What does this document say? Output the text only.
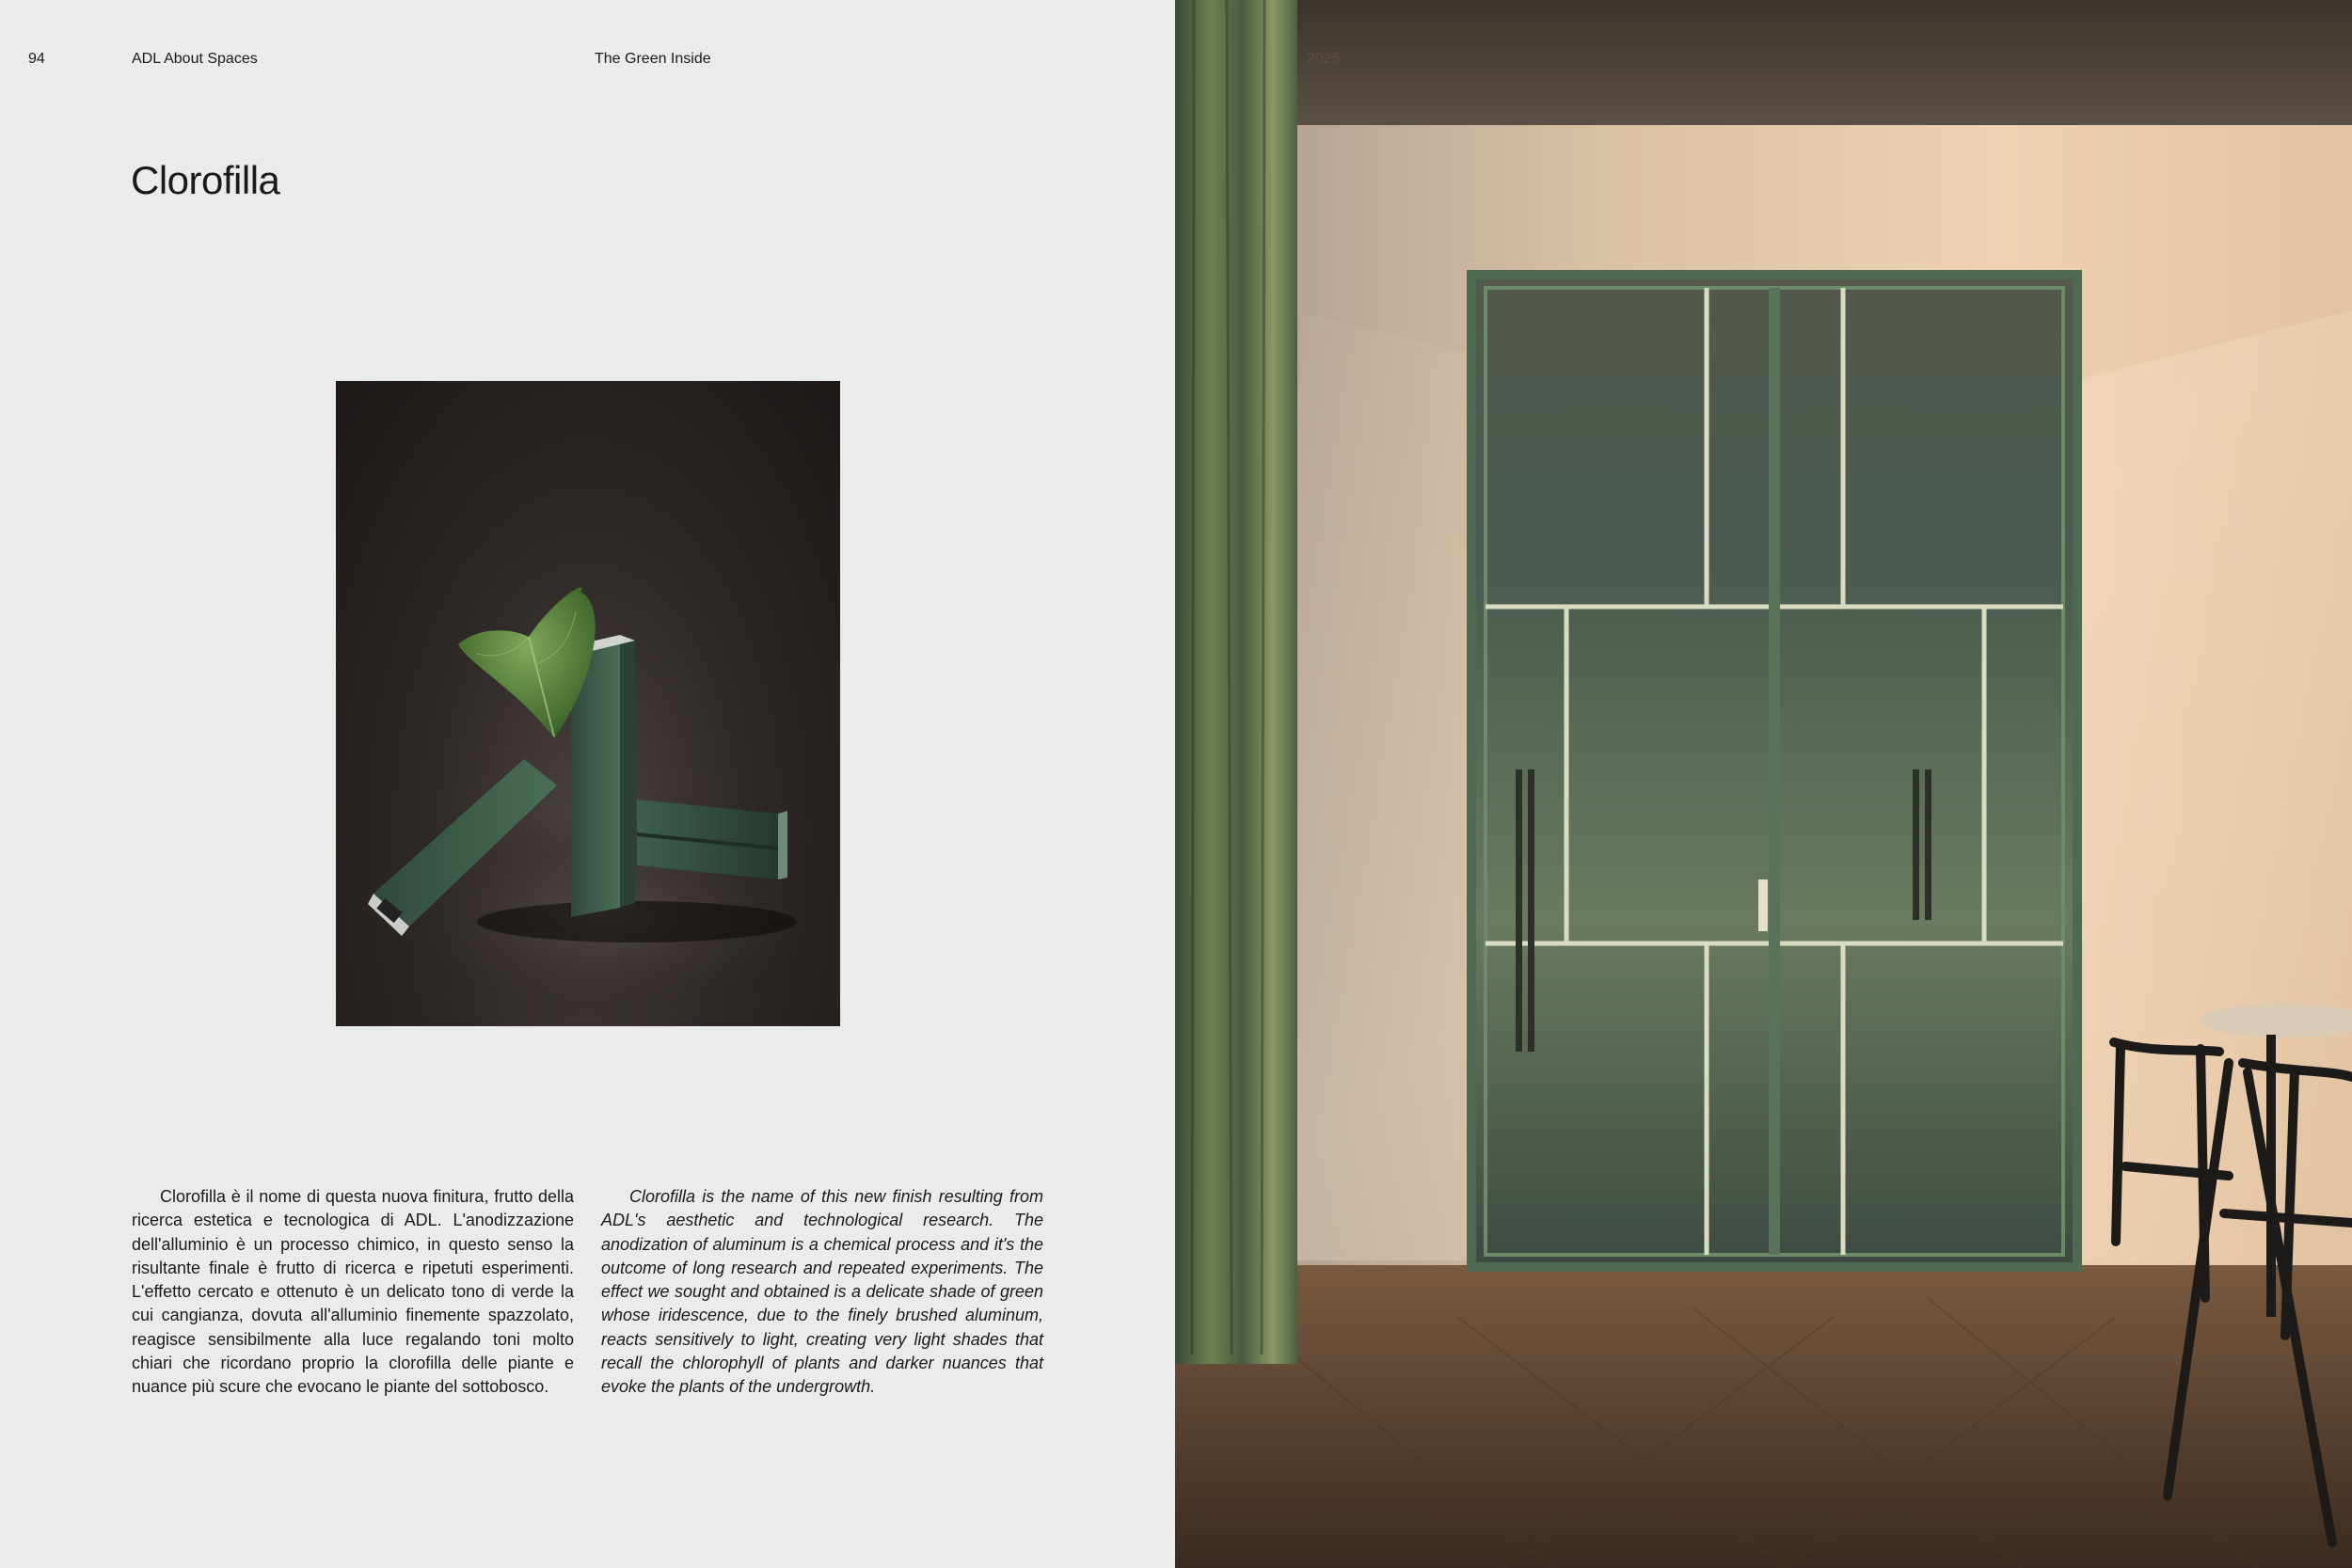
94	ADL About Spaces	The Green Inside
Clorofilla

Clorofilla è il nome di questa nuova finitura, frutto della ricerca estetica e tecnologica di ADL. L'anodizzazione dell'alluminio è un processo chimico, in questo senso la risultante finale è frutto di ricerca e ripetuti esperimenti. L'effetto cercato e ottenuto è un delicato tono di verde la cui cangianza, dovuta all'alluminio finemente spazzolato, reagisce sensibilmente alla luce regalando toni molto chiari che ricordano proprio la clorofilla delle piante e nuance più scure che evocano le piante del sottobosco.

Clorofilla is the name of this new finish resulting from ADL's aesthetic and technological research. The anodization of aluminum is a chemical process and it's the outcome of long research and repeated experiments. The effect we sought and obtained is a delicate shade of green whose iridescence, due to the finely brushed aluminum, reacts sensitively to light, creating very light shades that recall the chlorophyll of plants and darker nuances that evoke the plants of the undergrowth.

2025
